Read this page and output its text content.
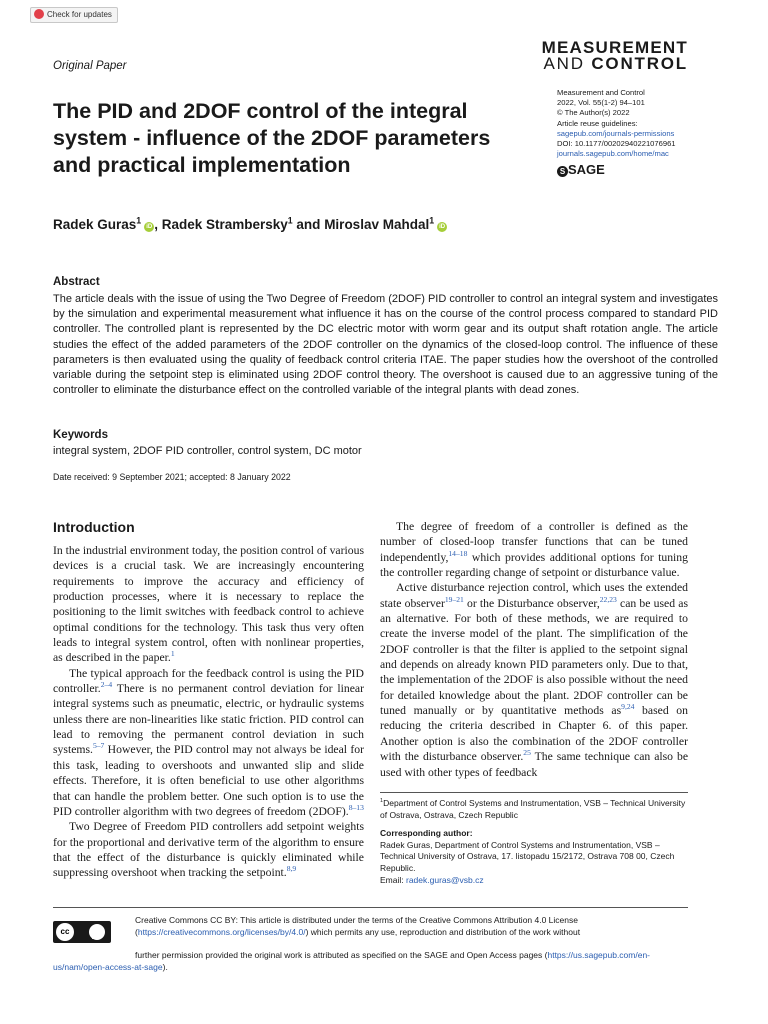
Check for updates
Original Paper
MEASUREMENT
AND CONTROL
The PID and 2DOF control of the integral system - influence of the 2DOF parameters and practical implementation
Measurement and Control
2022, Vol. 55(1-2) 94–101
© The Author(s) 2022
Article reuse guidelines:
sagepub.com/journals-permissions
DOI: 10.1177/00202940221076961
journals.sagepub.com/home/mac
S SAGE
Radek Guras$^1$iD , Radek Strambersky$^1$ and Miroslav Mahdal$^1$iD
Abstract
The article deals with the issue of using the Two Degree of Freedom (2DOF) PID controller to control an integral system and investigates by the simulation and experimental measurement what influence it has on the course of the control process compared to standard PID controller. The controlled plant is represented by the DC electric motor with worm gear and its output shaft rotation angle. The article studies the effect of the added parameters of the 2DOF controller on the dynamics of the closed-loop control. The influence of these parameters is then evaluated using the quality of feedback control criteria ITAE. The paper studies how the overshoot of the controlled variable during the setpoint step is eliminated using 2DOF control theory. The overshoot is caused due to an aggressive tuning of the controller to eliminate the disturbance effect on the controlled variable of the integral plants with dead zones.
Keywords
integral system, 2DOF PID controller, control system, DC motor
Date received: 9 September 2021; accepted: 8 January 2022
Introduction

In the industrial environment today, the position control of various devices is a crucial task. We are increasingly encountering requirements to improve the accuracy and efficiency of production processes, where it is necessary to replace the positioning to the limit switches with feedback control to achieve optimal conditions for the technology. This task thus very often leads to integral system control, often with nonlinear properties, as described in the paper.$^1$

The typical approach for the feedback control is using the PID controller.$^{2-4}$ There is no permanent control deviation for linear integral systems such as pneumatic, electric, or hydraulic systems unless there are non-linearities like static friction. PID control can lead to removing the permanent control deviation in such systems.$^{5-7}$ However, the PID control may not always be ideal for this task, leading to overshoots and unwanted slip and slide effects. Therefore, it is often beneficial to use other algorithms that can handle the problem better. One such option is to use the PID controller algorithm with two degrees of freedom (2DOF).$^{8-13}$

Two Degree of Freedom PID controllers add setpoint weights for the proportional and derivative term of the algorithm to ensure that the effect of the disturbance is quickly eliminated while suppressing overshoot when tracking the setpoint.$^{8,9}$

The degree of freedom of a controller is defined as the number of closed-loop transfer functions that can be tuned independently,$^{14-18}$ which provides additional options for tuning the controller regarding change of setpoint or disturbance value.

Active disturbance rejection control, which uses the extended state observer$^{19-21}$ or the Disturbance observer,$^{22,23}$ can be used as an alternative. For both of these methods, we are required to create the inverse model of the plant. The simplification of the 2DOF controller is that the filter is applied to the setpoint signal and depends on already known PID parameters only. Due to that, the implementation of the 2DOF is also possible without the need for detailed knowledge about the plant. 2DOF controller can be tuned manually or by quantitative methods as$^{9,24}$ based on reducing the criteria described in Chapter 6. of this paper. Another option is also the combination of the 2DOF controller with the disturbance observer.$^{25}$ The same technique can also be used with other types of feedback

$^1$Department of Control Systems and Instrumentation, VSB – Technical University of Ostrava, Ostrava, Czech Republic
Corresponding author:
Radek Guras, Department of Control Systems and Instrumentation, VSB – Technical University of Ostrava, 17. listopadu 15/2172, Ostrava 708 00, Czech Republic.
Email: radek.guras@vsb.cz
cc
BY
Creative Commons CC BY: This article is distributed under the terms of the Creative Commons Attribution 4.0 License (https://creativecommons.org/licenses/by/4.0/) which permits any use, reproduction and distribution of the work without
further permission provided the original work is attributed as specified on the SAGE and Open Access pages (https://us.sagepub.com/en-us/nam/open-access-at-sage).
